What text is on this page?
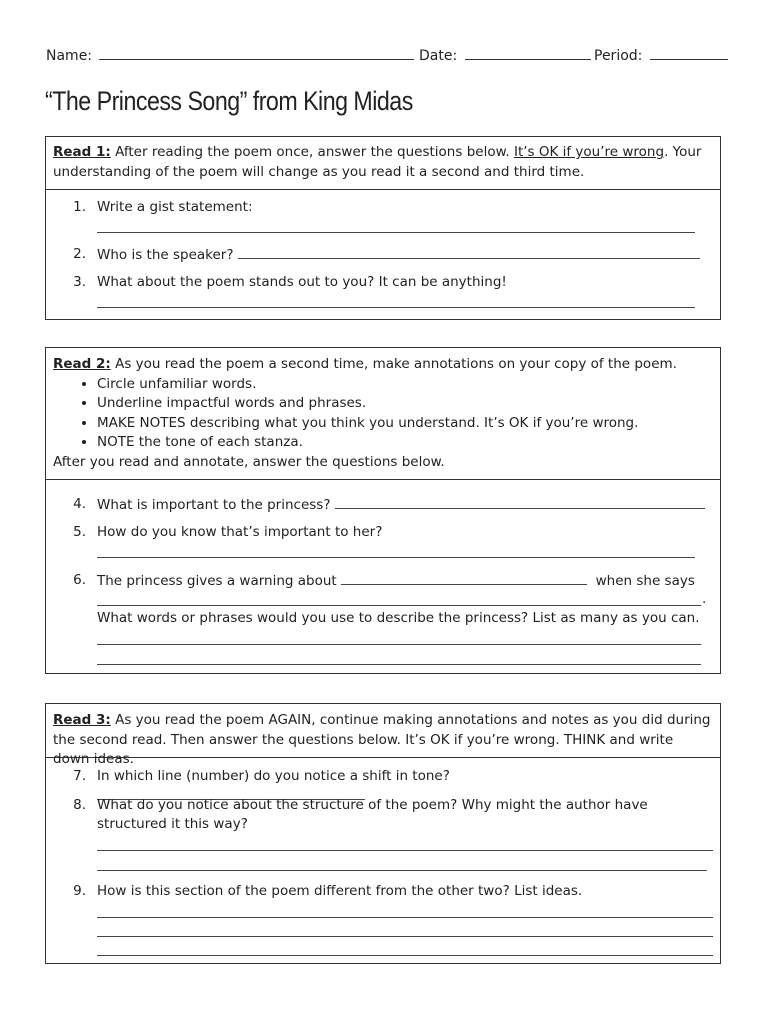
Name:	Date:	Period:
“The Princess Song” from King Midas
Read 1: After reading the poem once, answer the questions below. It’s OK if you’re wrong. Your understanding of the poem will change as you read it a second and third time.
1. Write a gist statement:
2. Who is the speaker?
3. What about the poem stands out to you? It can be anything!
Read 2: As you read the poem a second time, make annotations on your copy of the poem.
• Circle unfamiliar words.
• Underline impactful words and phrases.
• MAKE NOTES describing what you think you understand. It’s OK if you’re wrong.
• NOTE the tone of each stanza.
After you read and annotate, answer the questions below.
4. What is important to the princess?
5. How do you know that’s important to her?
6. The princess gives a warning about	when she says
.
What words or phrases would you use to describe the princess? List as many as you can.
Read 3: As you read the poem AGAIN, continue making annotations and notes as you did during the second read. Then answer the questions below. It’s OK if you’re wrong. THINK and write down ideas.
7. In which line (number) do you notice a shift in tone?
8. What do you notice about the structure of the poem? Why might the author have structured it this way?
9. How is this section of the poem different from the other two? List ideas.
